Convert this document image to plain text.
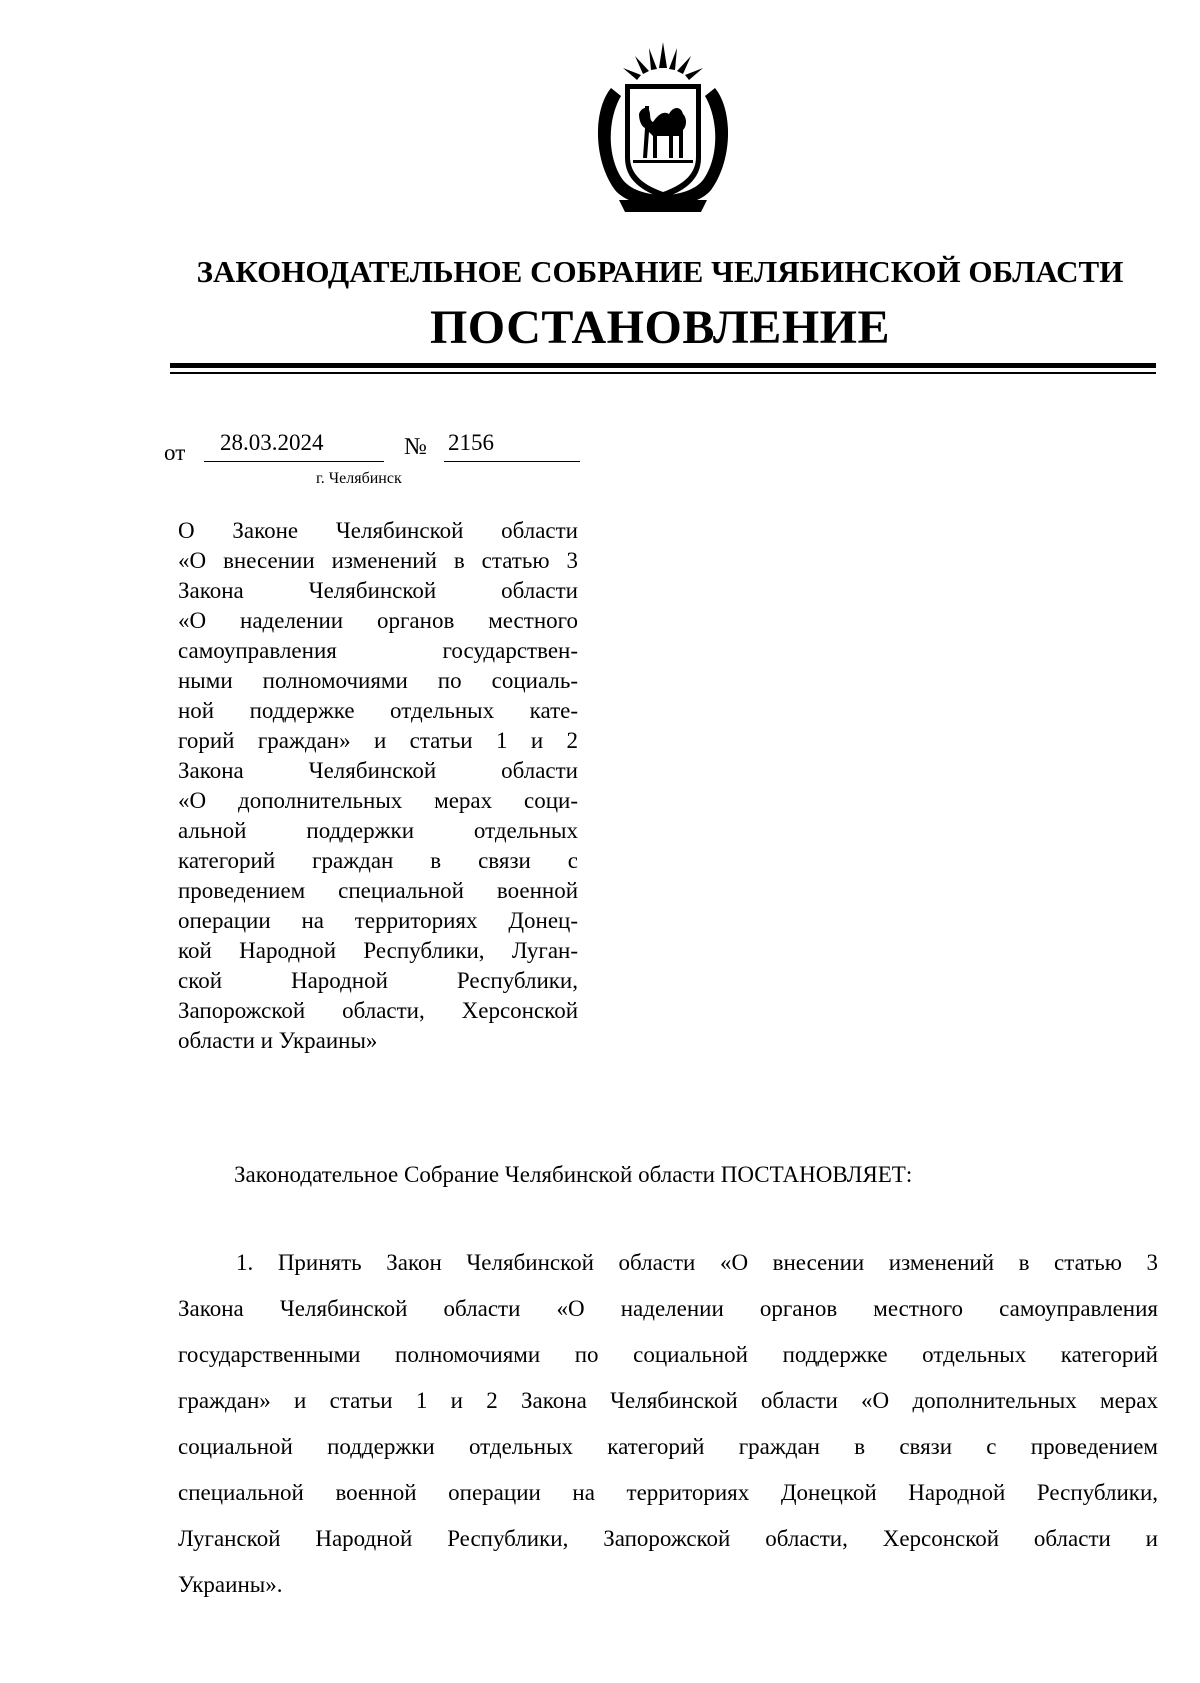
ЗАКОНОДАТЕЛЬНОЕ СОБРАНИЕ ЧЕЛЯБИНСКОЙ ОБЛАСТИ
ПОСТАНОВЛЕНИЕ
от	28.03.2024	№ 2156
г. Челябинск
О Законе Челябинской области
«О внесении изменений в статью 3
Закона Челябинской области
«О наделении органов местного
самоуправления государствен-
ными полномочиями по социаль-
ной поддержке отдельных кате-
горий граждан» и статьи 1 и 2
Закона Челябинской области
«О дополнительных мерах соци-
альной поддержки отдельных
категорий граждан в связи с
проведением специальной военной
операции на территориях Донец-
кой Народной Республики, Луган-
ской Народной Республики,
Запорожской области, Херсонской
области и Украины»
Законодательное Собрание Челябинской области ПОСТАНОВЛЯЕТ:
1. Принять Закон Челябинской области «О внесении изменений в статью 3
Закона Челябинской области «О наделении органов местного самоуправления
государственными полномочиями по социальной поддержке отдельных категорий
граждан» и статьи 1 и 2 Закона Челябинской области «О дополнительных мерах
социальной поддержки отдельных категорий граждан в связи с проведением
специальной военной операции на территориях Донецкой Народной Республики,
Луганской Народной Республики, Запорожской области, Херсонской области и
Украины».
